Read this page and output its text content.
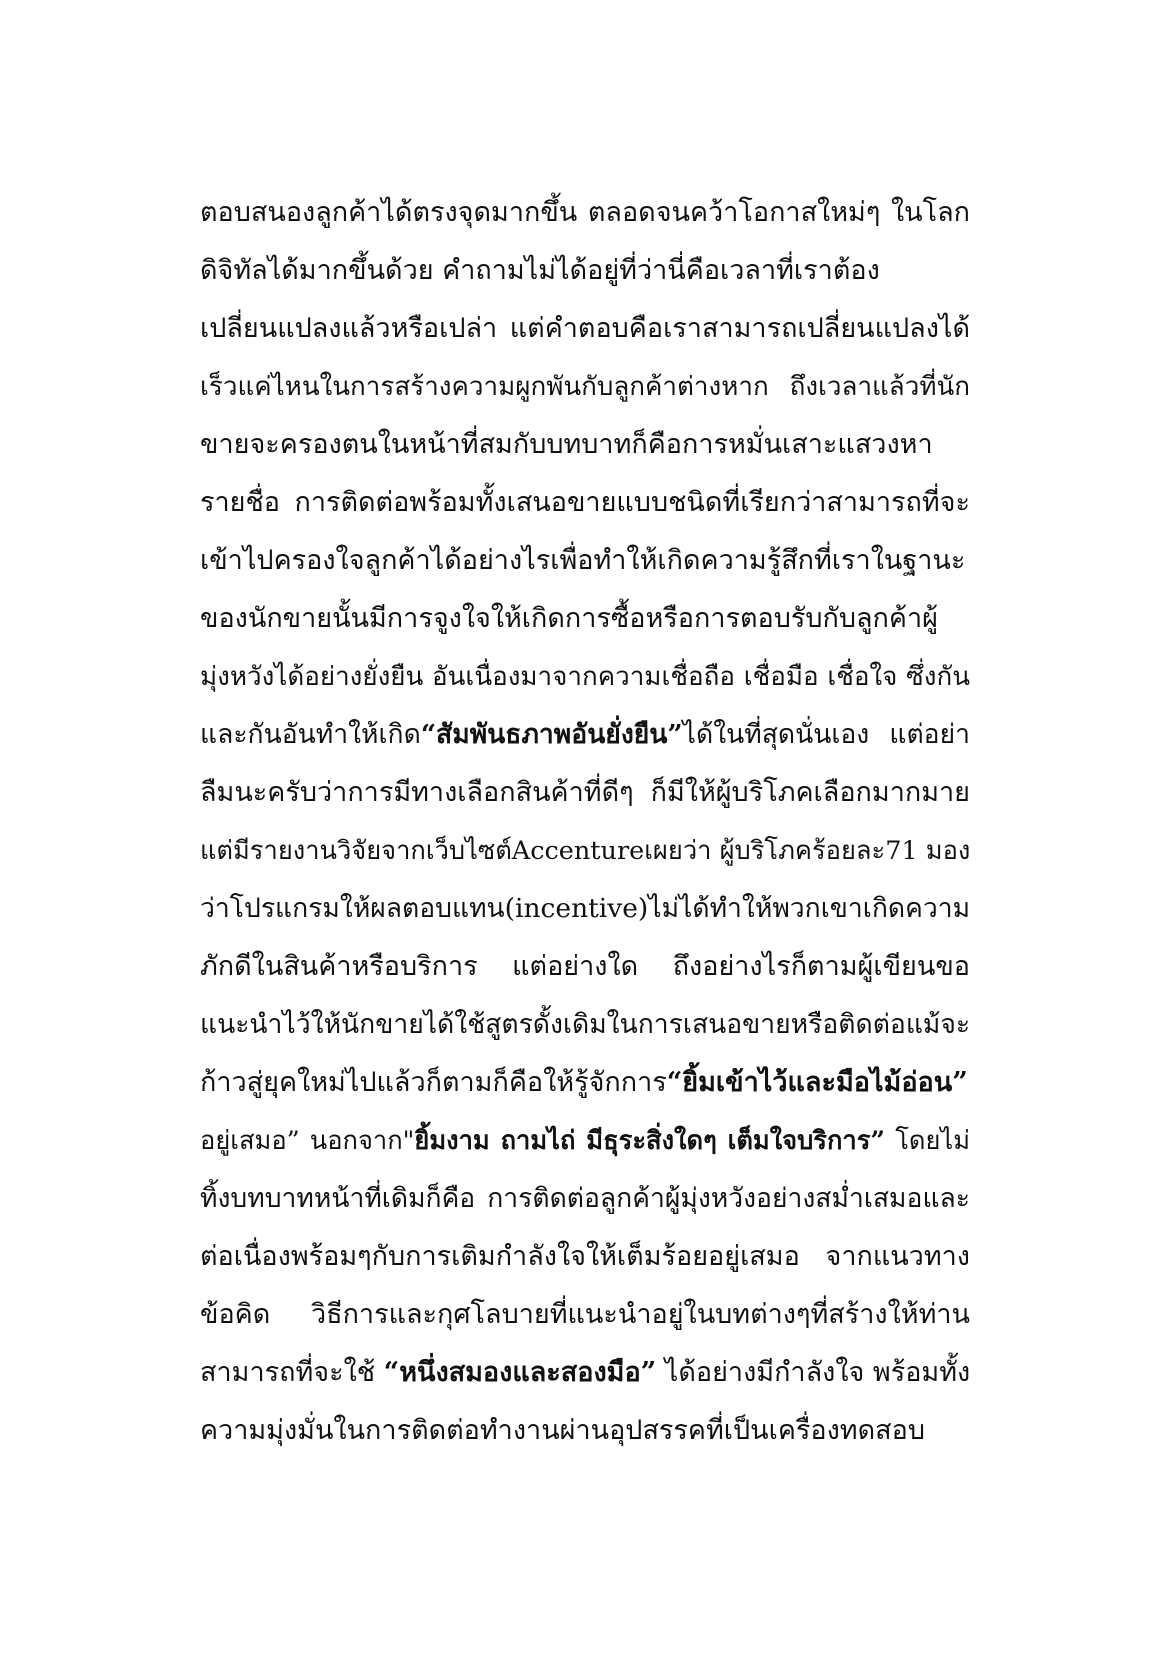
ตอบสนองลูกค้าได้ตรงจุดมากขึ้น ตลอดจนคว้าโอกาสใหม่ๆ ในโลก
ดิจิทัลได้มากขึ้นด้วย คำถามไม่ได้อยู่ที่ว่านี่คือเวลาที่เราต้อง
เปลี่ยนแปลงแล้วหรือเปล่า แต่คำตอบคือเราสามารถเปลี่ยนแปลงได้
เร็วแค่ไหนในการสร้างความผูกพันกับลูกค้าต่างหาก ถึงเวลาแล้วที่นัก
ขายจะครองตนในหน้าที่สมกับบทบาทก็คือการหมั่นเสาะแสวงหา
รายชื่อ การติดต่อพร้อมทั้งเสนอขายแบบชนิดที่เรียกว่าสามารถที่จะ
เข้าไปครองใจลูกค้าได้อย่างไรเพื่อทำให้เกิดความรู้สึกที่เราในฐานะ
ของนักขายนั้นมีการจูงใจให้เกิดการซื้อหรือการตอบรับกับลูกค้าผู้
มุ่งหวังได้อย่างยั่งยืน อันเนื่องมาจากความเชื่อถือ เชื่อมือ เชื่อใจ ซึ่งกัน
และกันอันทำให้เกิด“สัมพันธภาพอันยั่งยืน”ได้ในที่สุดนั่นเอง แต่อย่า
ลืมนะครับว่าการมีทางเลือกสินค้าที่ดีๆ ก็มีให้ผู้บริโภคเลือกมากมาย
แต่มีรายงานวิจัยจากเว็บไซต์Accentureเผยว่า ผู้บริโภคร้อยละ71 มอง
ว่าโปรแกรมให้ผลตอบแทน(incentive)ไม่ได้ทำให้พวกเขาเกิดความ
ภักดีในสินค้าหรือบริการ แต่อย่างใด ถึงอย่างไรก็ตามผู้เขียนขอ
แนะนำไว้ให้นักขายได้ใช้สูตรดั้งเดิมในการเสนอขายหรือติดต่อแม้จะ
ก้าวสู่ยุคใหม่ไปแล้วก็ตามก็คือให้รู้จักการ“ยิ้มเข้าไว้และมือไม้อ่อน”
อยู่เสมอ” นอกจาก"ยิ้มงาม ถามไถ่ มีธุระสิ่งใดๆ เต็มใจบริการ” โดยไม่
ทิ้งบทบาทหน้าที่เดิมก็คือ การติดต่อลูกค้าผู้มุ่งหวังอย่างสม่ำเสมอและ
ต่อเนื่องพร้อมๆกับการเติมกำลังใจให้เต็มร้อยอยู่เสมอ จากแนวทาง
ข้อคิด วิธีการและกุศโลบายที่แนะนำอยู่ในบทต่างๆที่สร้างให้ท่าน
สามารถที่จะใช้ “หนึ่งสมองและสองมือ” ได้อย่างมีกำลังใจ พร้อมทั้ง
ความมุ่งมั่นในการติดต่อทำงานผ่านอุปสรรคที่เป็นเครื่องทดสอบ
